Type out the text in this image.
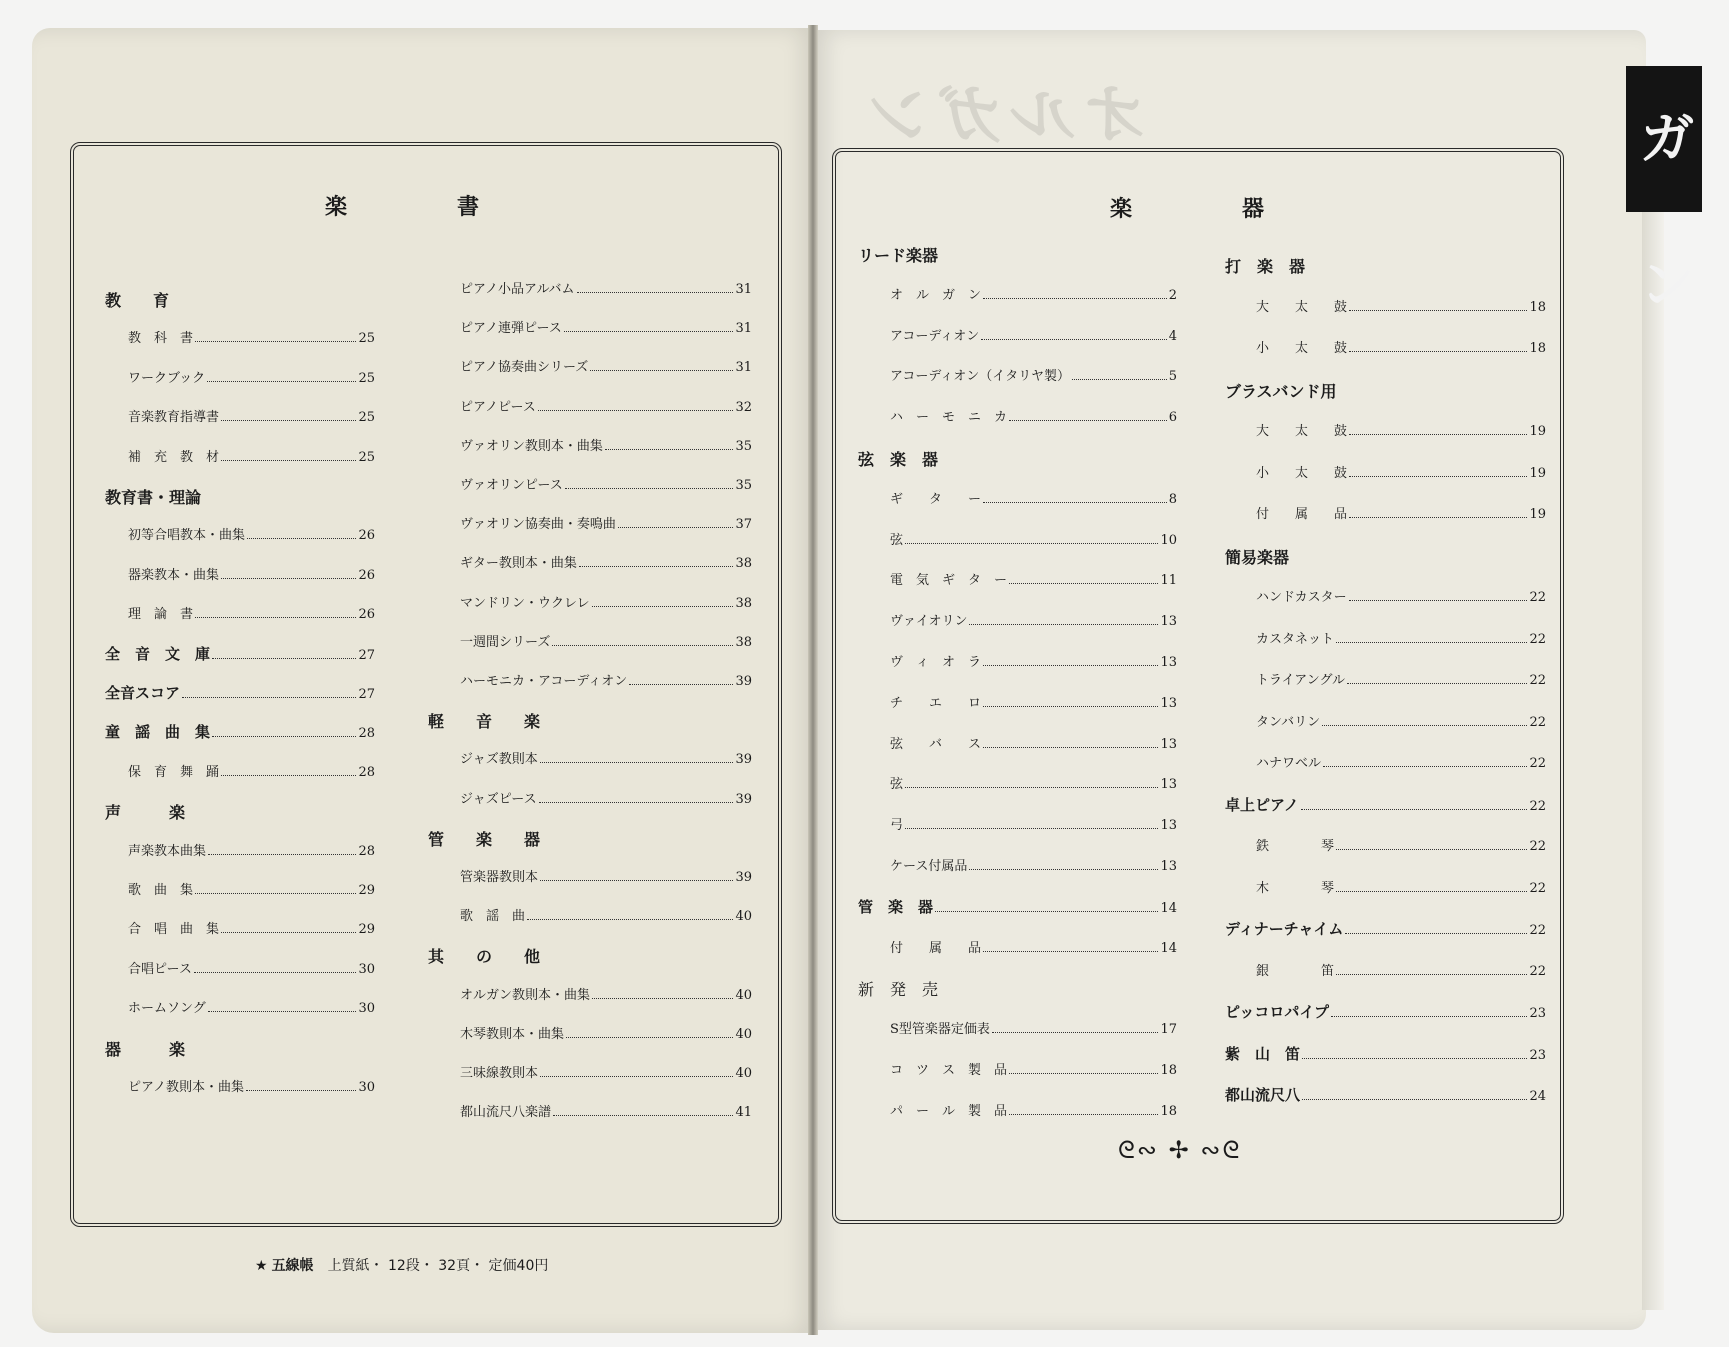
オルガン	ガン
楽　　　　　書	楽　　　　　器
教　　育
教　科　書	25
ワークブック	25
音楽教育指導書	25
補　充　教　材	25
教育書・理論
初等合唱教本・曲集	26
器楽教本・曲集	26
理　論　書	26
全　音　文　庫	27
全音スコア	27
童　謡　曲　集	28
保　育　舞　踊	28
声　　　楽
声楽教本曲集	28
歌　曲　集	29
合　唱　曲　集	29
合唱ピース	30
ホームソング	30
器　　　楽
ピアノ教則本・曲集	30
ピアノ小品アルバム	31
ピアノ連弾ピース	31
ピアノ協奏曲シリーズ	31
ピアノピース	32
ヴァオリン教則本・曲集	35
ヴァオリンピース	35
ヴァオリン協奏曲・奏鳴曲	37
ギター教則本・曲集	38
マンドリン・ウクレレ	38
一週間シリーズ	38
ハーモニカ・アコーディオン	39
軽　　音　　楽
ジャズ教則本	39
ジャズピース	39
管　　楽　　器
管楽器教則本	39
歌　謡　曲	40
其　　の　　他
オルガン教則本・曲集	40
木琴教則本・曲集	40
三味線教則本	40
都山流尺八楽譜	41
リード楽器
オ　ル　ガ　ン	2
アコーディオン	4
アコーディオン（イタリヤ製）	5
ハ　ー　モ　ニ　カ	6
弦　楽　器
ギ　　タ　　ー	8
弦	10
電　気　ギ　タ　ー	11
ヴァイオリン	13
ヴ　ィ　オ　ラ	13
チ　　エ　　ロ	13
弦　　バ　　ス	13
弦	13
弓	13
ケース付属品	13
管　楽　器	14
付　　属　　品	14
新　発　売
S型管楽器定価表	17
コ　ツ　ス　製　品	18
パ　ー　ル　製　品	18
打　楽　器
大　　太　　鼓	18
小　　太　　鼓	18
ブラスバンド用
大　　太　　鼓	19
小　　太　　鼓	19
付　　属　　品	19
簡易楽器
ハンドカスター	22
カスタネット	22
トライアングル	22
タンバリン	22
ハナワベル	22
卓上ピアノ	22
鉄　　　　琴	22
木　　　　琴	22
ディナーチャイム	22
銀　　　　笛	22
ピッコロパイプ	23
紫　山　笛	23
都山流尺八	24
★ 五線帳　 上質紙・ 12段・ 32頁・ 定価40円
ᘓ∾ ✢ ∾ᘓ
